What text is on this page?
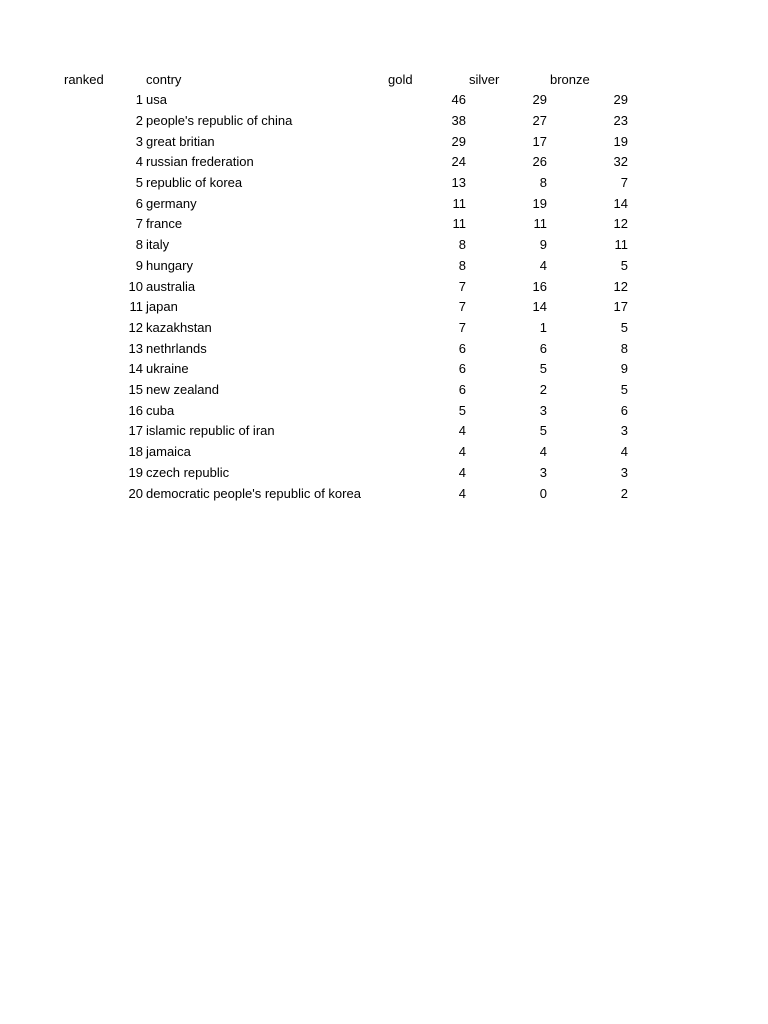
ranked	contry	gold	silver	bronze
1 usa	46	29	29
2 people's republic of china	38	27	23
3 great britian	29	17	19
4 russian frederation	24	26	32
5 republic of korea	13	8	7
6 germany	11	19	14
7 france	11	11	12
8 italy	8	9	11
9 hungary	8	4	5
10 australia	7	16	12
11 japan	7	14	17
12 kazakhstan	7	1	5
13 nethrlands	6	6	8
14 ukraine	6	5	9
15 new zealand	6	2	5
16 cuba	5	3	6
17 islamic republic of iran	4	5	3
18 jamaica	4	4	4
19 czech republic	4	3	3
20 democratic people's republic of korea	4	0	2
